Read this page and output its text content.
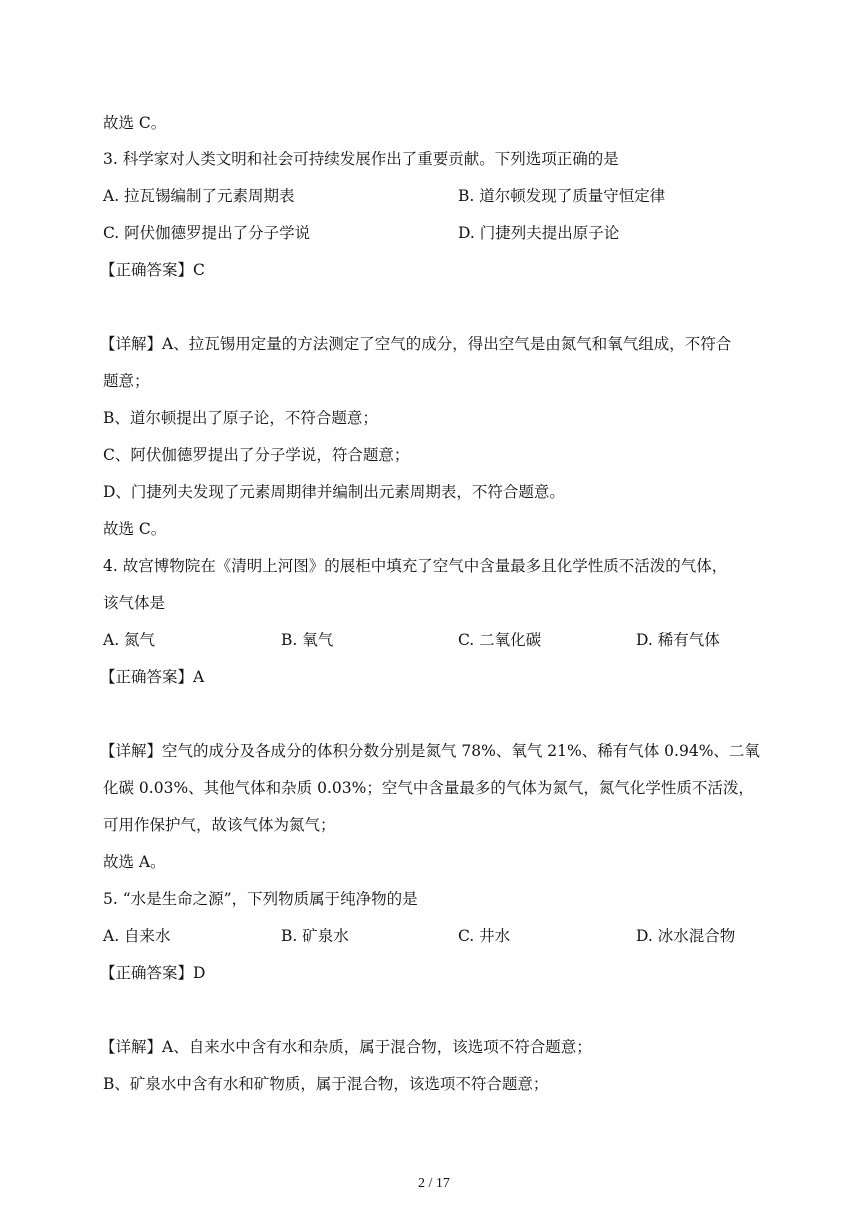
故选 C。
3. 科学家对人类文明和社会可持续发展作出了重要贡献。下列选项正确的是
A. 拉瓦锡编制了元素周期表	B. 道尔顿发现了质量守恒定律
C. 阿伏伽德罗提出了分子学说	D. 门捷列夫提出原子论
【正确答案】C
【详解】A、拉瓦锡用定量的方法测定了空气的成分，得出空气是由氮气和氧气组成，不符合
题意；
B、道尔顿提出了原子论，不符合题意；
C、阿伏伽德罗提出了分子学说，符合题意；
D、门捷列夫发现了元素周期律并编制出元素周期表，不符合题意。
故选 C。
4. 故宫博物院在《清明上河图》的展柜中填充了空气中含量最多且化学性质不活泼的气体，
该气体是
A. 氮气	B. 氧气	C. 二氧化碳	D. 稀有气体
【正确答案】A
【详解】空气的成分及各成分的体积分数分别是氮气 78%、氧气 21%、稀有气体 0.94%、二氧
化碳 0.03%、其他气体和杂质 0.03%；空气中含量最多的气体为氮气，氮气化学性质不活泼，
可用作保护气，故该气体为氮气；
故选 A。
5. “水是生命之源”，下列物质属于纯净物的是
A. 自来水	B. 矿泉水	C. 井水	D. 冰水混合物
【正确答案】D
【详解】A、自来水中含有水和杂质，属于混合物，该选项不符合题意；
B、矿泉水中含有水和矿物质，属于混合物，该选项不符合题意；
2 / 17
